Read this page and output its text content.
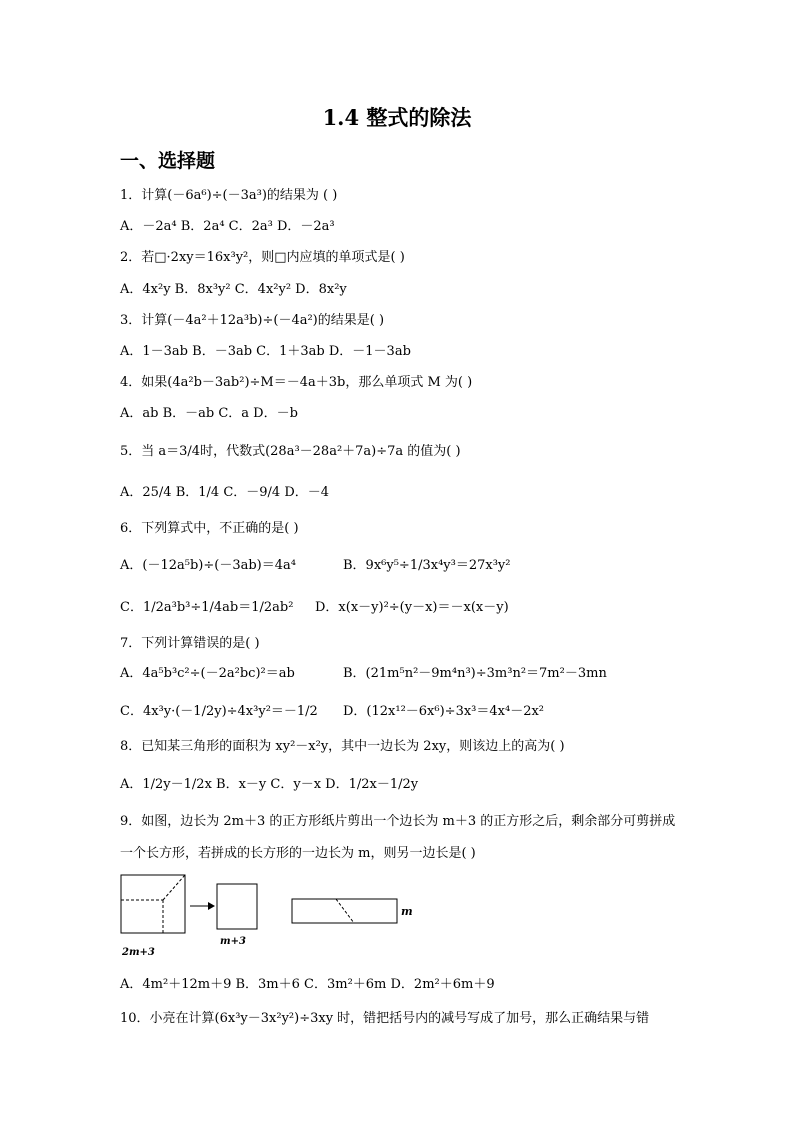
1.4 整式的除法
一、选择题
1．计算(－6a⁶)÷(－3a³)的结果为 ( )
A．－2a⁴ B．2a⁴ C．2a³ D．－2a³
2．若□·2xy＝16x³y²，则□内应填的单项式是( )
A．4x²y B．8x³y² C．4x²y² D．8x²y
3．计算(－4a²＋12a³b)÷(－4a²)的结果是( )
A．1－3ab B．－3ab C．1＋3ab D．－1－3ab
4．如果(4a²b－3ab²)÷M＝－4a＋3b，那么单项式 M 为( )
A．ab B．－ab C．a D．－b
5．当 a＝3/4时，代数式(28a³－28a²＋7a)÷7a 的值为( )
A．25/4 B．1/4 C．－9/4 D．－4
6．下列算式中，不正确的是( )
A．(－12a⁵b)÷(－3ab)＝4a⁴	B．9x⁶y⁵÷1/3x⁴y³＝27x³y²
C．1/2a³b³÷1/4ab＝1/2ab² D．x(x－y)²÷(y－x)＝－x(x－y)
7．下列计算错误的是( )
A．4a⁵b³c²÷(－2a²bc)²＝ab	B．(21m⁵n²－9m⁴n³)÷3m³n²＝7m²－3mn
C．4x³y·(－1/2y)÷4x³y²＝－1/2 D．(12x¹²－6x⁶)÷3x³＝4x⁴－2x²
8．已知某三角形的面积为 xy²－x²y，其中一边长为 2xy，则该边上的高为( )
A．1/2y－1/2x B．x－y C．y－x D．1/2x－1/2y
9．如图，边长为 2m＋3 的正方形纸片剪出一个边长为 m＋3 的正方形之后，剩余部分可剪拼成一个长方形，若拼成的长方形的一边长为 m，则另一边长是( )
2m+3
m+3
m
A．4m²＋12m＋9 B．3m＋6 C．3m²＋6m D．2m²＋6m＋9
10．小亮在计算(6x³y－3x²y²)÷3xy 时，错把括号内的减号写成了加号，那么正确结果与错
